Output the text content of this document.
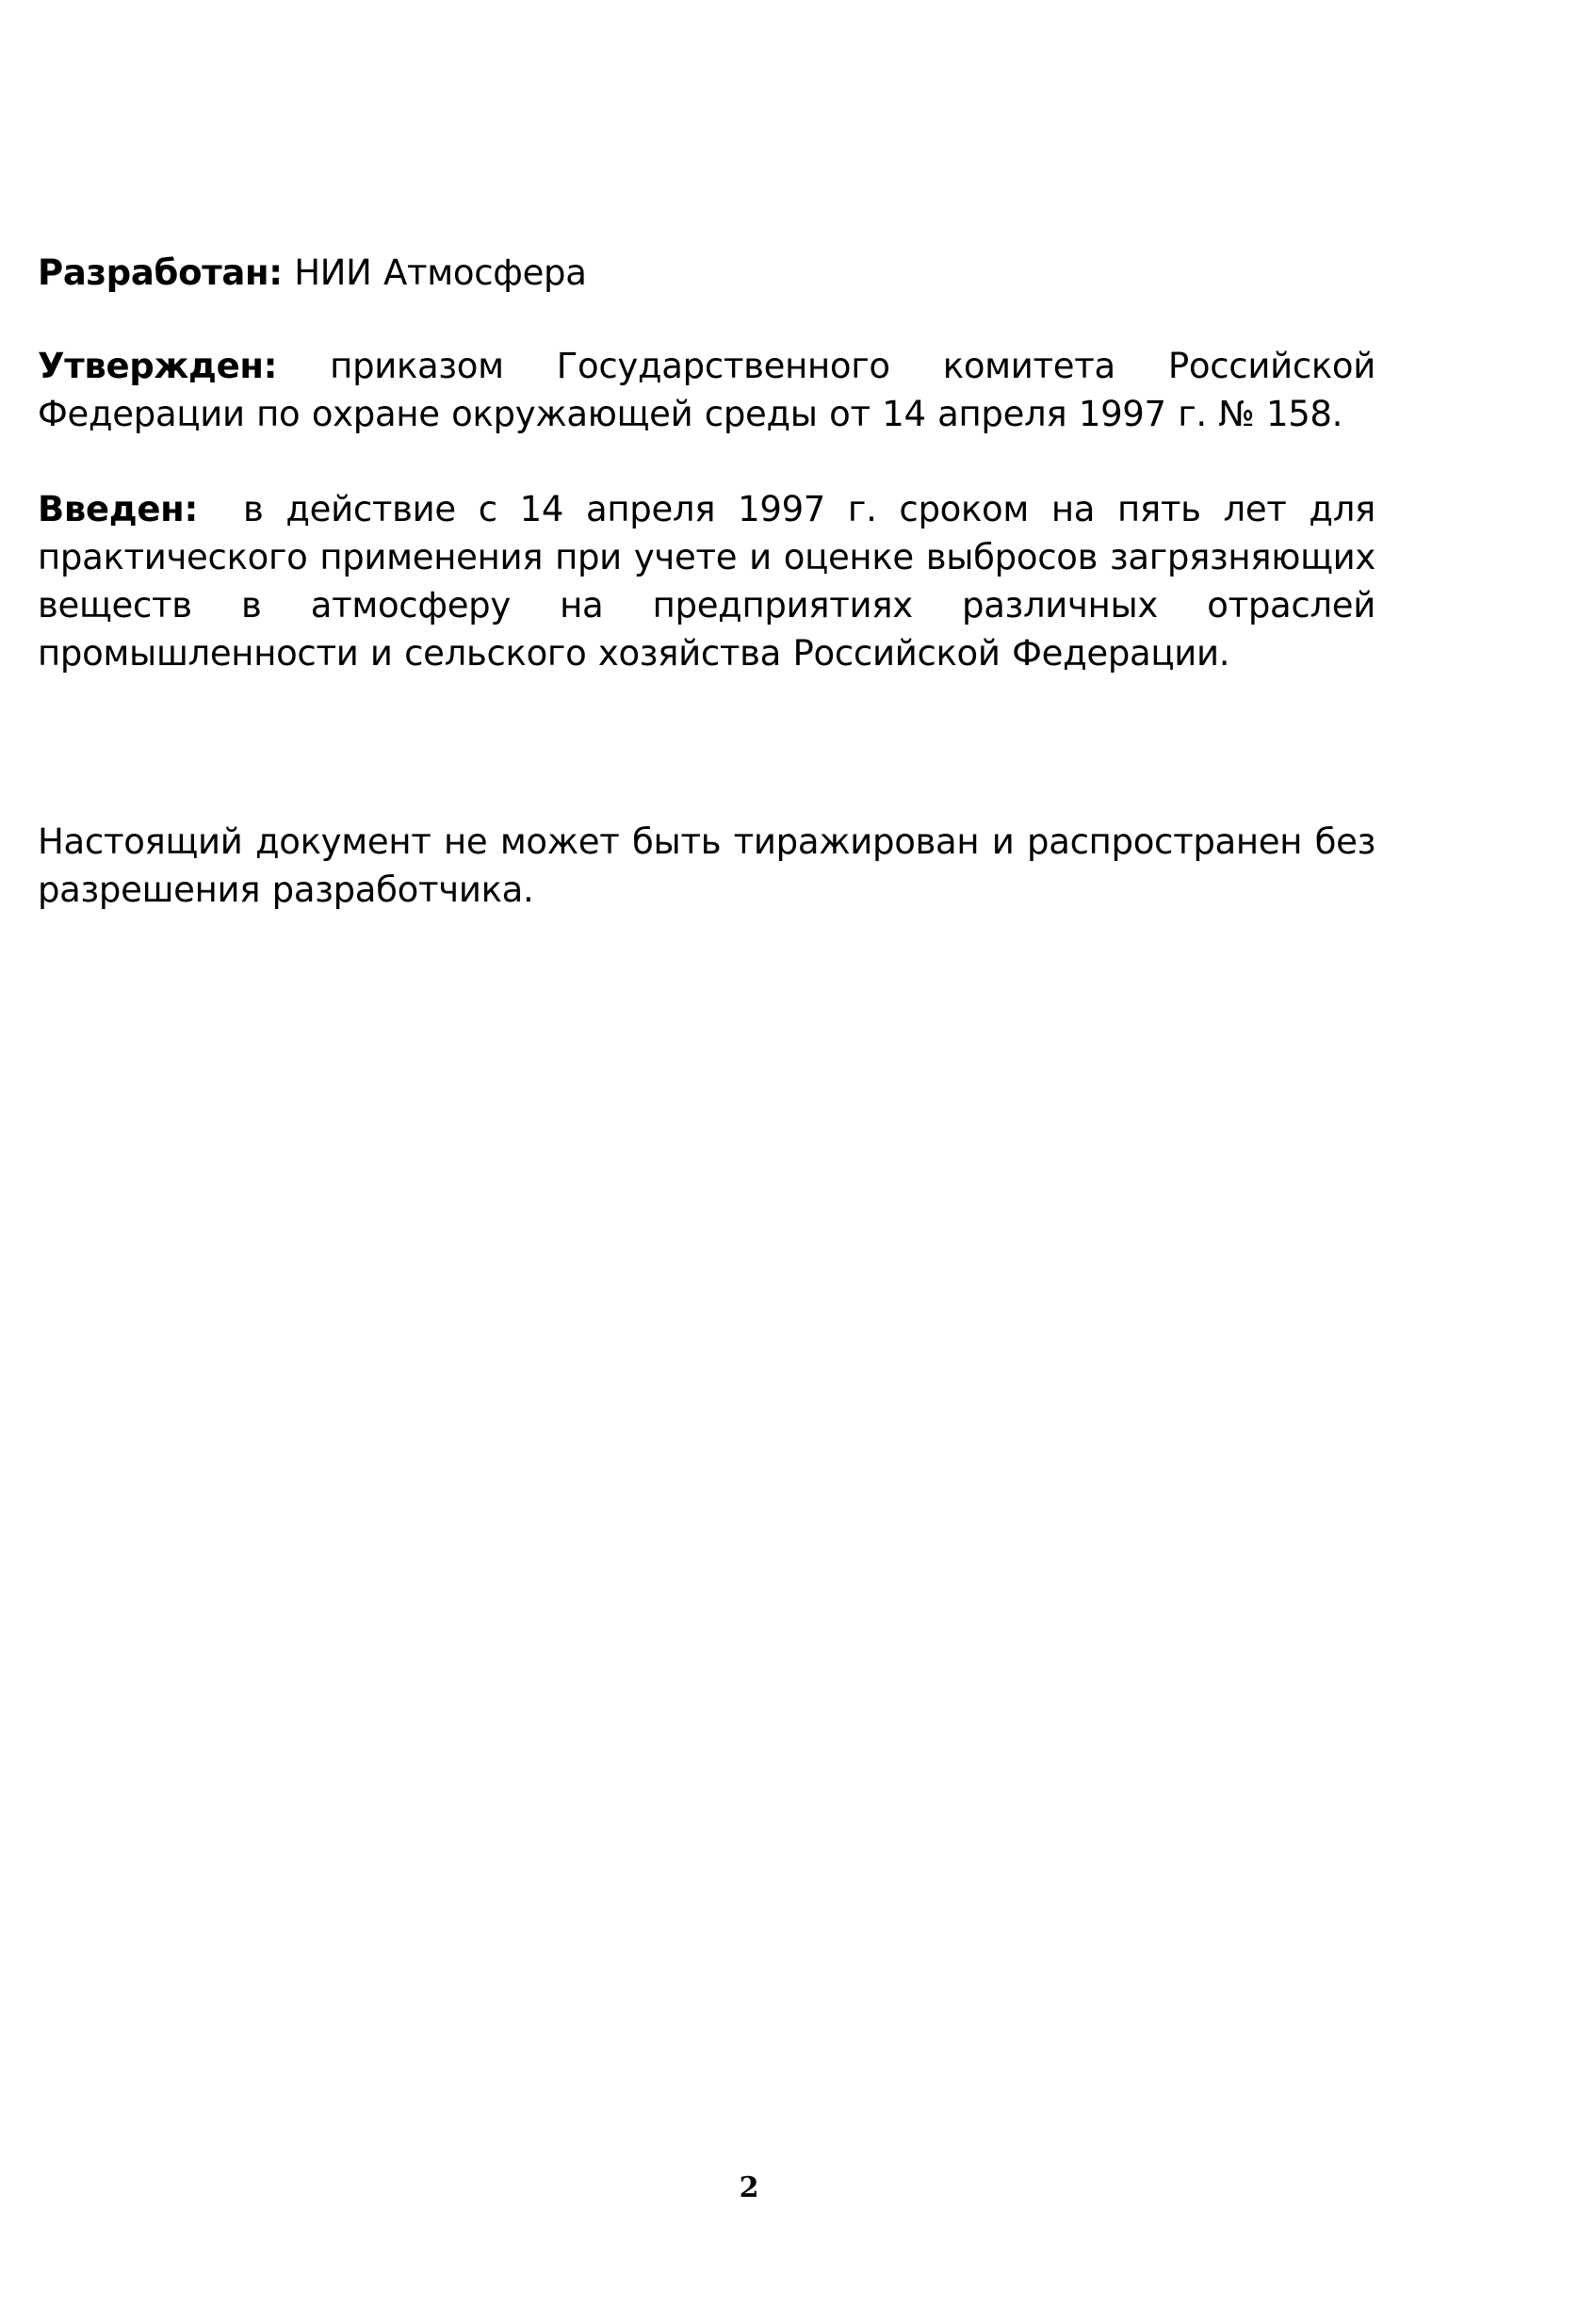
Разработан: НИИ Атмосфера

Утвержден: приказом Государственного комитета Российской Федерации по охране окружающей среды от 14 апреля 1997 г. № 158.

Введен: в действие с 14 апреля 1997 г. сроком на пять лет для практического применения при учете и оценке выбросов загрязняющих веществ в атмосферу на предприятиях различных отраслей промышленности и сельского хозяйства Российской Федерации.

Настоящий документ не может быть тиражирован и распространен без разрешения разработчика.

2
